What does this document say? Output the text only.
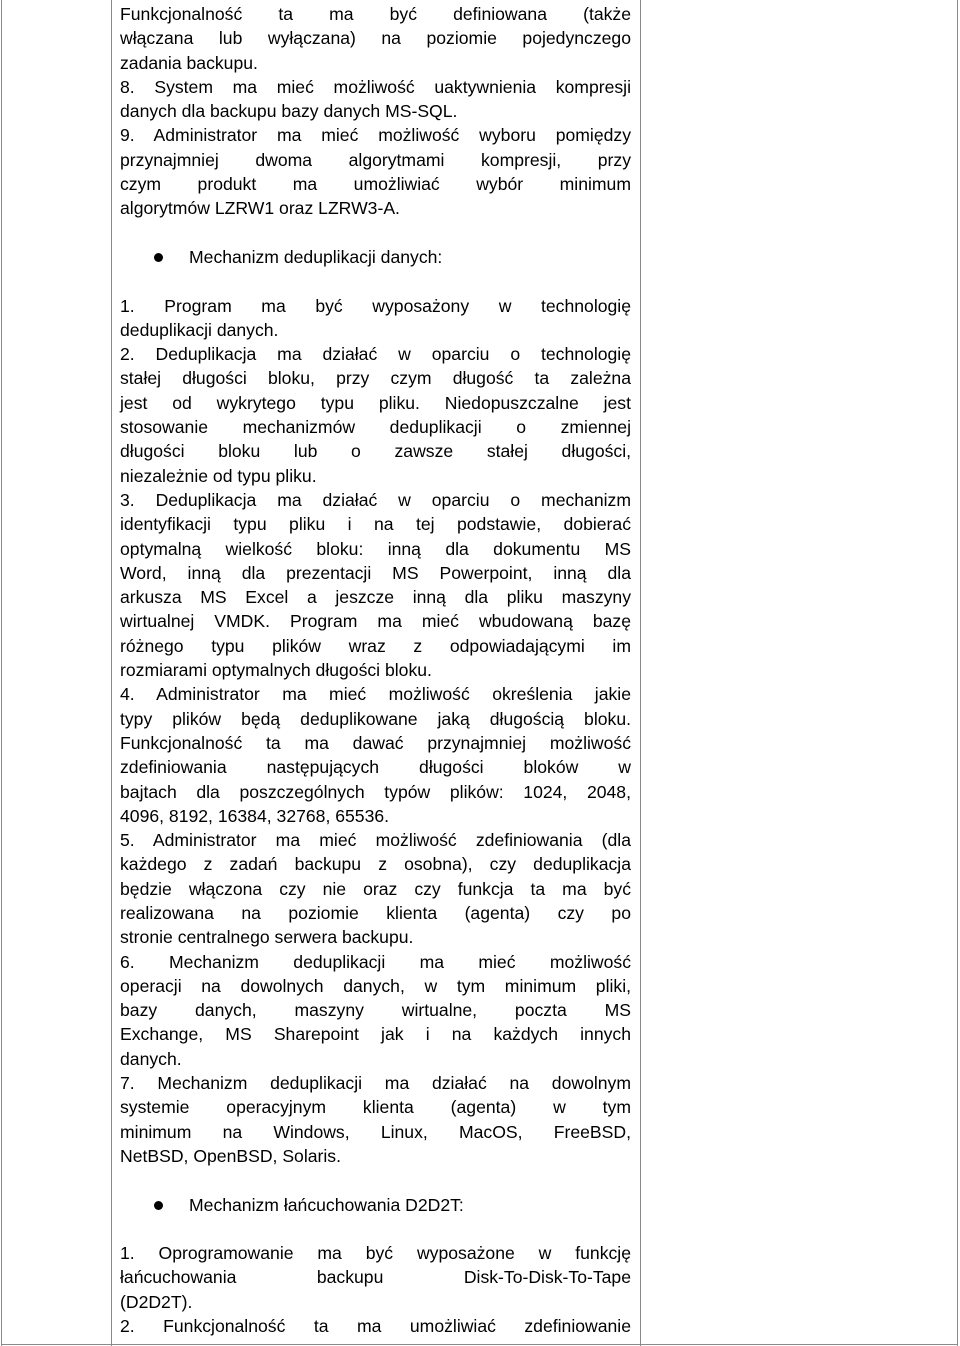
Funkcjonalność ta ma być definiowana (także

włączana lub wyłączana) na poziomie pojedynczego

zadania backupu.

8. System ma mieć możliwość uaktywnienia kompresji

danych dla backupu bazy danych MS-SQL.

9. Administrator ma mieć możliwość wyboru pomiędzy

przynajmniej dwoma algorytmami kompresji, przy

czym produkt ma umożliwiać wybór minimum

algorytmów LZRW1 oraz LZRW3-A.

Mechanizm deduplikacji danych:

1. Program ma być wyposażony w technologię

deduplikacji danych.

2. Deduplikacja ma działać w oparciu o technologię

stałej długości bloku, przy czym długość ta zależna

jest od wykrytego typu pliku. Niedopuszczalne jest

stosowanie mechanizmów deduplikacji o zmiennej

długości bloku lub o zawsze stałej długości,

niezależnie od typu pliku.

3. Deduplikacja ma działać w oparciu o mechanizm

identyfikacji typu pliku i na tej podstawie, dobierać

optymalną wielkość bloku: inną dla dokumentu MS

Word, inną dla prezentacji MS Powerpoint, inną dla

arkusza MS Excel a jeszcze inną dla pliku maszyny

wirtualnej VMDK. Program ma mieć wbudowaną bazę

różnego typu plików wraz z odpowiadającymi im

rozmiarami optymalnych długości bloku.

4. Administrator ma mieć możliwość określenia jakie

typy plików będą deduplikowane jaką długością bloku.

Funkcjonalność ta ma dawać przynajmniej możliwość

zdefiniowania następujących długości bloków w

bajtach dla poszczególnych typów plików: 1024, 2048,

4096, 8192, 16384, 32768, 65536.

5. Administrator ma mieć możliwość zdefiniowania (dla

każdego z zadań backupu z osobna), czy deduplikacja

będzie włączona czy nie oraz czy funkcja ta ma być

realizowana na poziomie klienta (agenta) czy po

stronie centralnego serwera backupu.

6. Mechanizm deduplikacji ma mieć możliwość

operacji na dowolnych danych, w tym minimum pliki,

bazy danych, maszyny wirtualne, poczta MS

Exchange, MS Sharepoint jak i na każdych innych

danych.

7. Mechanizm deduplikacji ma działać na dowolnym

systemie operacyjnym klienta (agenta) w tym

minimum na Windows, Linux, MacOS, FreeBSD,

NetBSD, OpenBSD, Solaris.

Mechanizm łańcuchowania D2D2T:

1. Oprogramowanie ma być wyposażone w funkcję

łańcuchowania backupu Disk-To-Disk-To-Tape

(D2D2T).

2. Funkcjonalność ta ma umożliwiać zdefiniowanie
